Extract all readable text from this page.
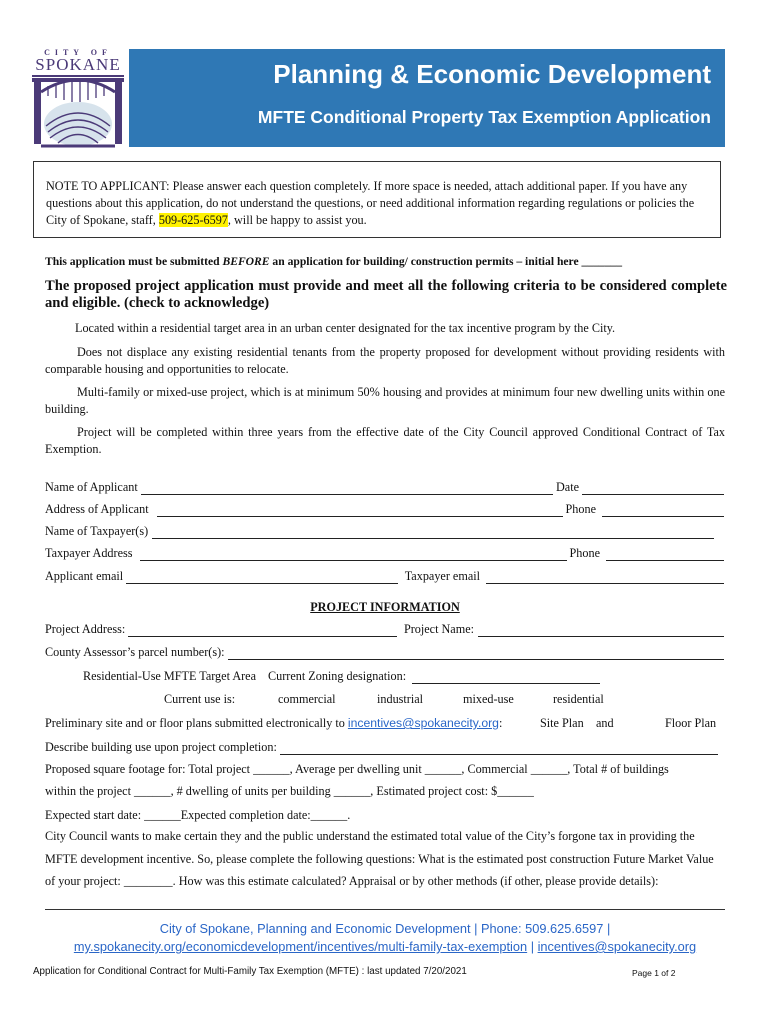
CITY OF
SPOKANE	Planning & Economic Development
MFTE Conditional Property Tax Exemption Application
NOTE TO APPLICANT: Please answer each question completely. If more space is needed, attach additional paper. If you have any questions about this application, do not understand the questions, or need additional information regarding regulations or policies the City of Spokane, staff, 509-625-6597, will be happy to assist you.
This application must be submitted BEFORE an application for building/ construction permits – initial here _______
The proposed project application must provide and meet all the following criteria to be considered complete and eligible. (check to acknowledge)
Located within a residential target area in an urban center designated for the tax incentive program by the City.
Does not displace any existing residential tenants from the property proposed for development without providing residents with comparable housing and opportunities to relocate.
Multi-family or mixed-use project, which is at minimum 50% housing and provides at minimum four new dwelling units within one building.
Project will be completed within three years from the effective date of the City Council approved Conditional Contract of Tax Exemption.
Name of Applicant	Date
Address of Applicant	Phone
Name of Taxpayer(s)
Taxpayer Address	Phone
Applicant email	Taxpayer email
PROJECT INFORMATION
Project Address:	Project Name:
County Assessor’s parcel number(s):
Residential-Use MFTE Target Area Current Zoning designation:
Current use is:	commercial	industrial	mixed-use	residential
Preliminary site and or floor plans submitted electronically to incentives@spokanecity.org:	Site Plan and	Floor Plan
Describe building use upon project completion:
Proposed square footage for: Total project ______, Average per dwelling unit ______, Commercial ______, Total # of buildings
within the project ______, # dwelling of units per building ______, Estimated project cost: $______
Expected start date: ______Expected completion date:______.
City Council wants to make certain they and the public understand the estimated total value of the City’s forgone tax in providing the
MFTE development incentive. So, please complete the following questions: What is the estimated post construction Future Market Value
of your project: ________. How was this estimate calculated? Appraisal or by other methods (if other, please provide details):
City of Spokane, Planning and Economic Development | Phone: 509.625.6597 |
my.spokanecity.org/economicdevelopment/incentives/multi-family-tax-exemption | incentives@spokanecity.org
Application for Conditional Contract for Multi-Family Tax Exemption (MFTE) : last updated 7/20/2021	Page 1 of 2
